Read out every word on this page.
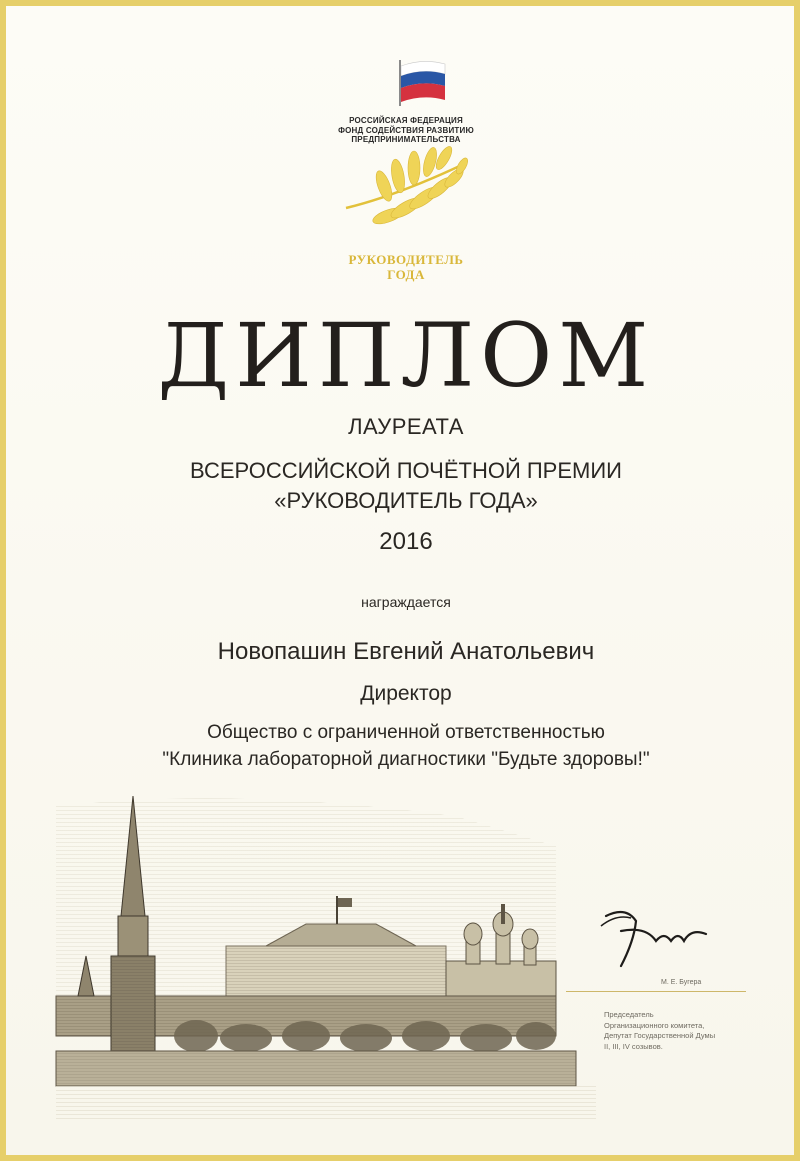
РОССИЙСКАЯ ФЕДЕРАЦИЯ
ФОНД СОДЕЙСТВИЯ РАЗВИТИЮ
ПРЕДПРИНИМАТЕЛЬСТВА
РУКОВОДИТЕЛЬ
ГОДА
ДИПЛОМ
ЛАУРЕАТА
ВСЕРОССИЙСКОЙ ПОЧЁТНОЙ ПРЕМИИ
«РУКОВОДИТЕЛЬ ГОДА»
2016
награждается
Новопашин Евгений Анатольевич
Директор
Общество с ограниченной ответственностью
"Клиника лабораторной диагностики "Будьте здоровы!"
М. Е. Бугера
Председатель
Организационного комитета,
Депутат Государственной Думы
II, III, IV созывов.
